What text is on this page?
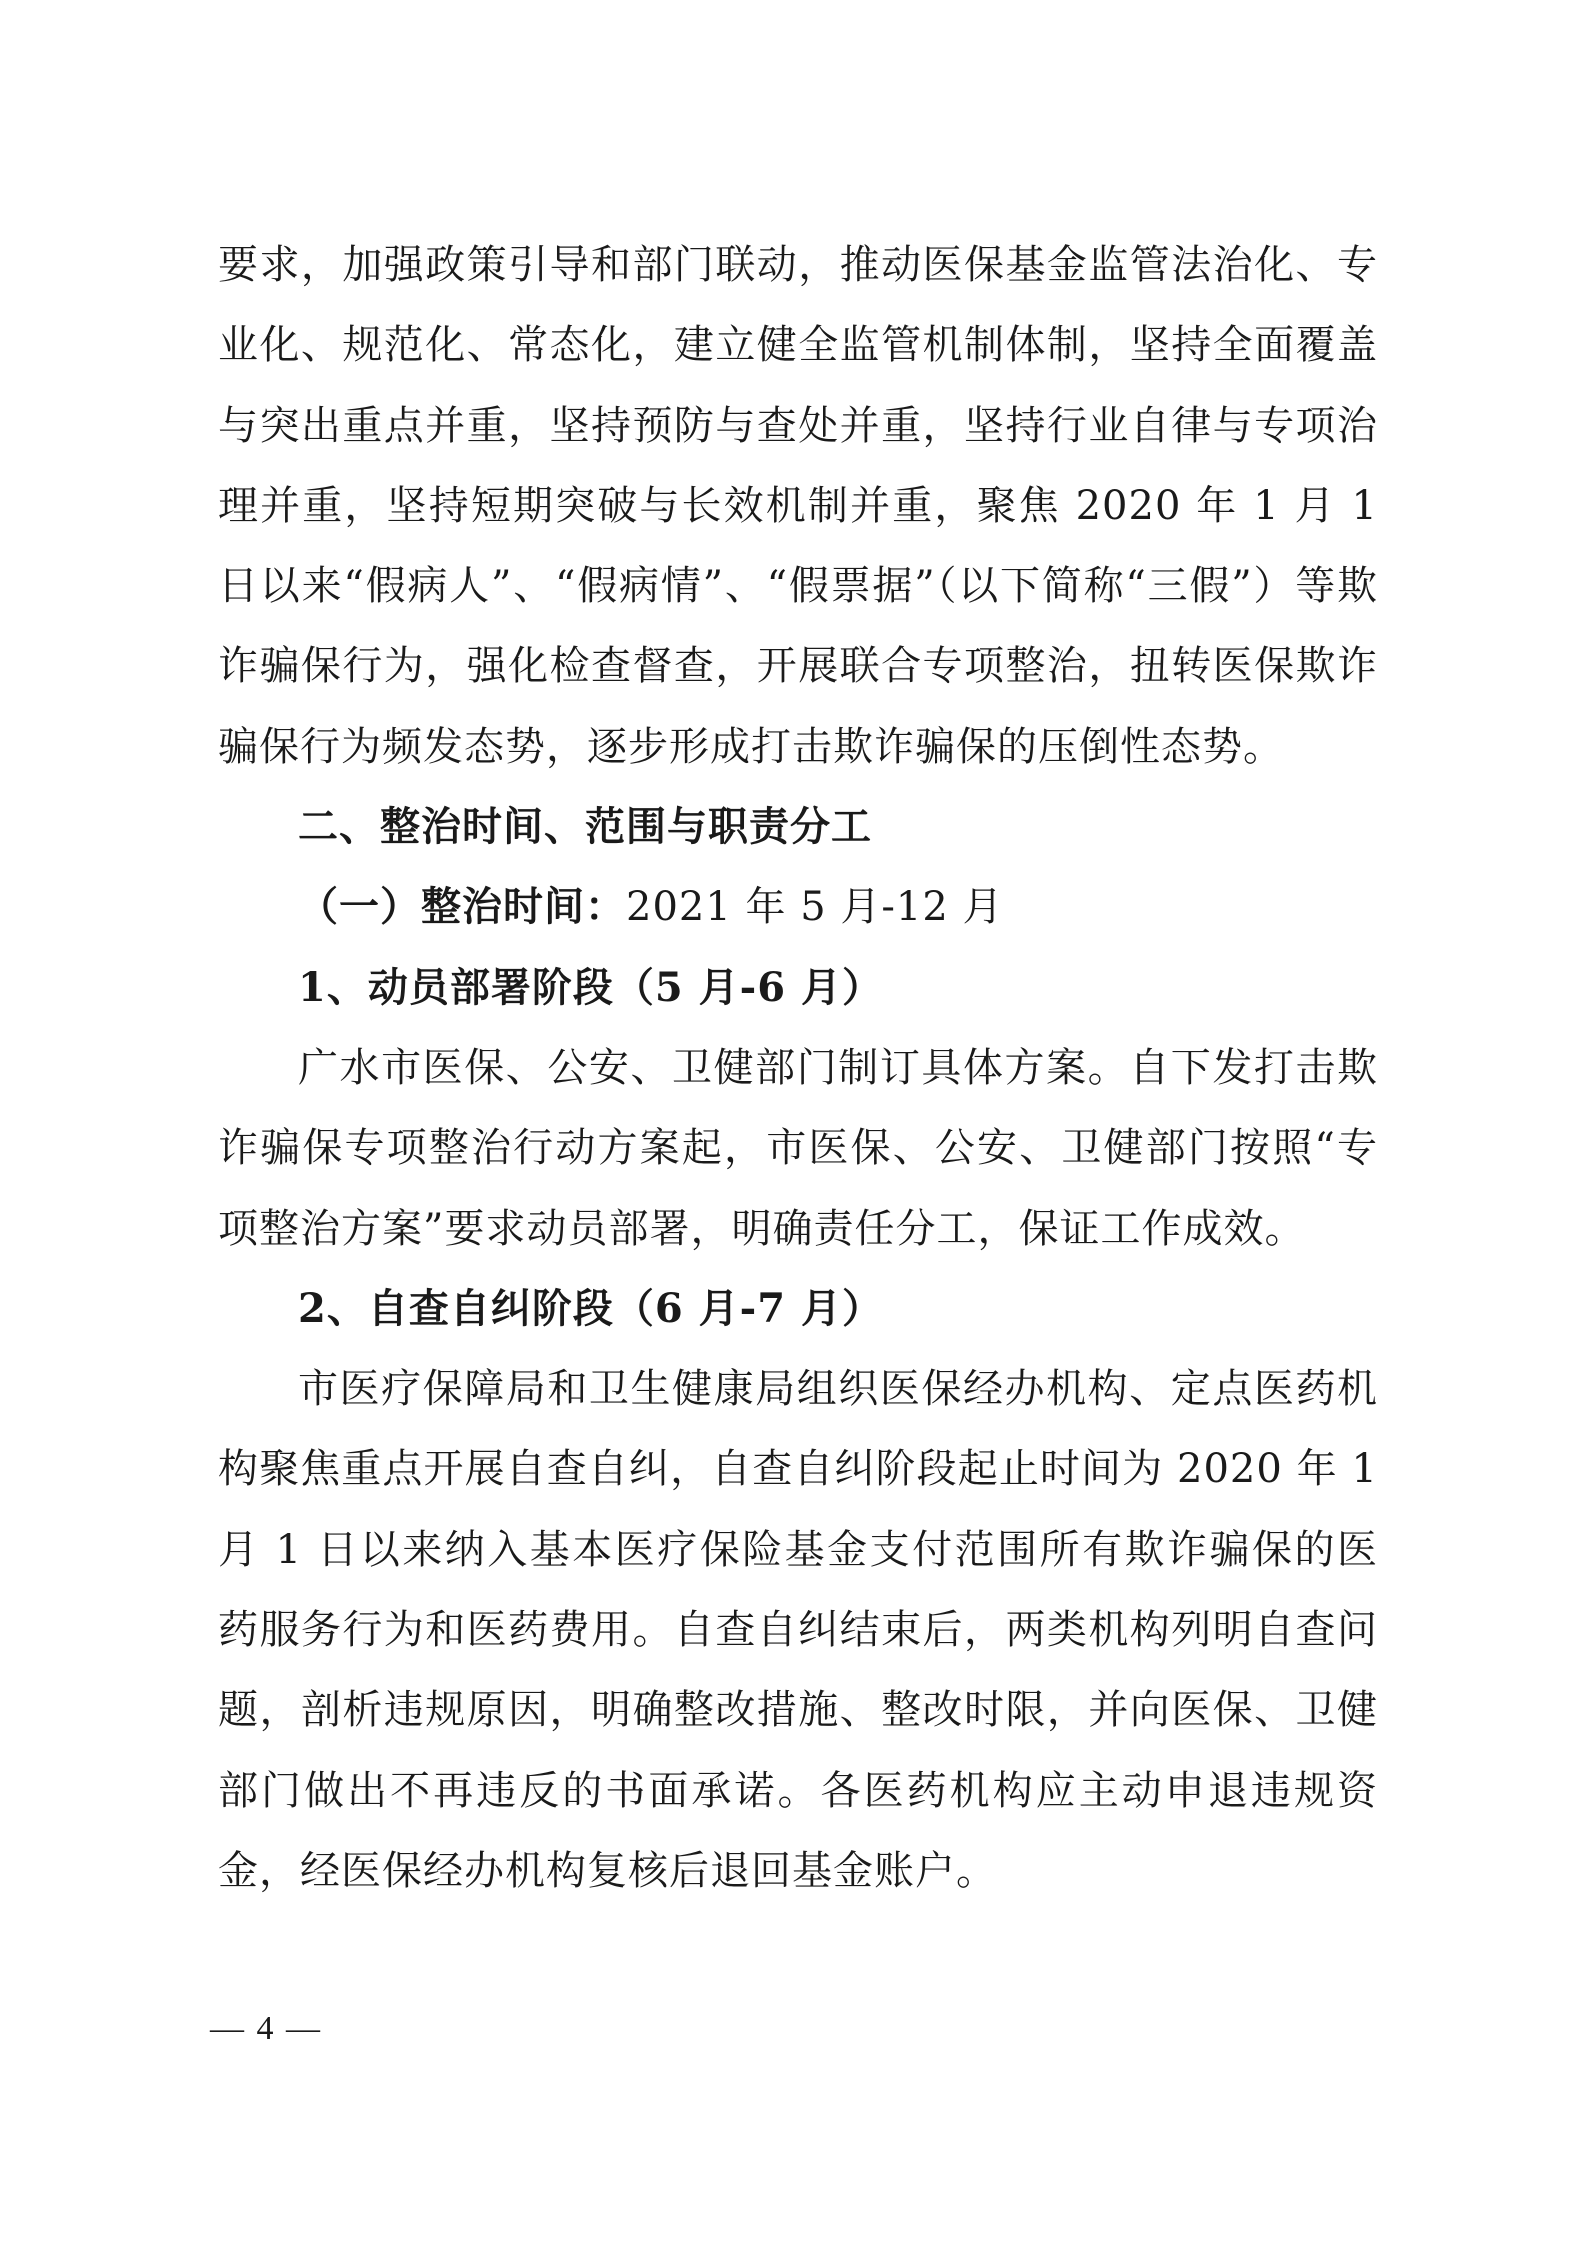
要求，加强政策引导和部门联动，推动医保基金监管法治化、专业化、规范化、常态化，建立健全监管机制体制，坚持全面覆盖与突出重点并重，坚持预防与查处并重，坚持行业自律与专项治理并重，坚持短期突破与长效机制并重，聚焦 2020 年 1 月 1 日以来“假病人”、“假病情”、“假票据”（以下简称“三假”）等欺诈骗保行为，强化检查督查，开展联合专项整治，扭转医保欺诈骗保行为频发态势，逐步形成打击欺诈骗保的压倒性态势。

二、整治时间、范围与职责分工

（一）整治时间：2021 年 5 月-12 月

1、动员部署阶段（5 月-6 月）

广水市医保、公安、卫健部门制订具体方案。自下发打击欺诈骗保专项整治行动方案起，市医保、公安、卫健部门按照“专项整治方案”要求动员部署，明确责任分工，保证工作成效。

2、自查自纠阶段（6 月-7 月）

市医疗保障局和卫生健康局组织医保经办机构、定点医药机构聚焦重点开展自查自纠，自查自纠阶段起止时间为 2020 年 1 月 1 日以来纳入基本医疗保险基金支付范围所有欺诈骗保的医药服务行为和医药费用。自查自纠结束后，两类机构列明自查问题，剖析违规原因，明确整改措施、整改时限，并向医保、卫健部门做出不再违反的书面承诺。各医药机构应主动申退违规资金，经医保经办机构复核后退回基金账户。

— 4 —
